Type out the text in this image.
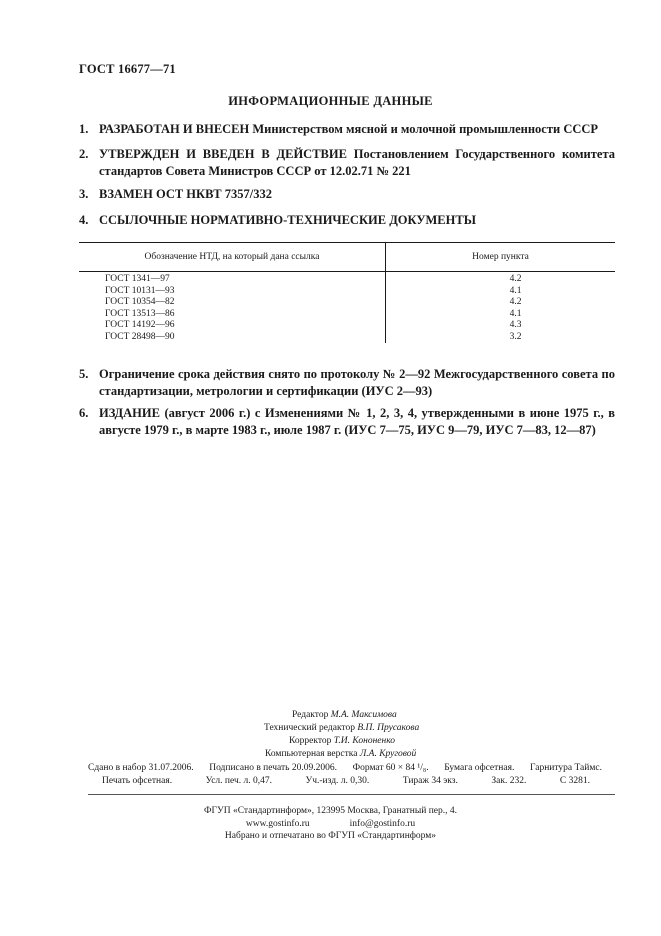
ГОСТ 16677—71
ИНФОРМАЦИОННЫЕ ДАННЫЕ
1. РАЗРАБОТАН И ВНЕСЕН Министерством мясной и молочной промышленности СССР
2. УТВЕРЖДЕН И ВВЕДЕН В ДЕЙСТВИЕ Постановлением Государственного комитета стандартов Совета Министров СССР от 12.02.71 № 221
3. ВЗАМЕН ОСТ НКВТ 7357/332
4. ССЫЛОЧНЫЕ НОРМАТИВНО-ТЕХНИЧЕСКИЕ ДОКУМЕНТЫ
Обозначение НТД, на который дана ссылка	Номер пункта
ГОСТ 1341—97	4.2
ГОСТ 10131—93	4.1
ГОСТ 10354—82	4.2
ГОСТ 13513—86	4.1
ГОСТ 14192—96	4.3
ГОСТ 28498—90	3.2
5. Ограничение срока действия снято по протоколу № 2—92 Межгосударственного совета по стандартизации, метрологии и сертификации (ИУС 2—93)
6. ИЗДАНИЕ (август 2006 г.) с Изменениями № 1, 2, 3, 4, утвержденными в июне 1975 г., в августе 1979 г., в марте 1983 г., июле 1987 г. (ИУС 7—75, ИУС 9—79, ИУС 7—83, 12—87)
Редактор М.А. Максимова
Технический редактор В.П. Прусакова
Корректор Т.И. Кононенко
Компьютерная верстка Л.А. Круговой
Сдано в набор 31.07.2006. Подписано в печать 20.09.2006. Формат 60 × 84 ¹/₈. Бумага офсетная. Гарнитура Таймс.
Печать офсетная.	Усл. печ. л. 0,47.	Уч.-изд. л. 0,30.	Тираж 34 экз.	Зак. 232.	С 3281.
ФГУП «Стандартинформ», 123995 Москва, Гранатный пер., 4.
www.gostinfo.ru	info@gostinfo.ru
Набрано и отпечатано во ФГУП «Стандартинформ»
